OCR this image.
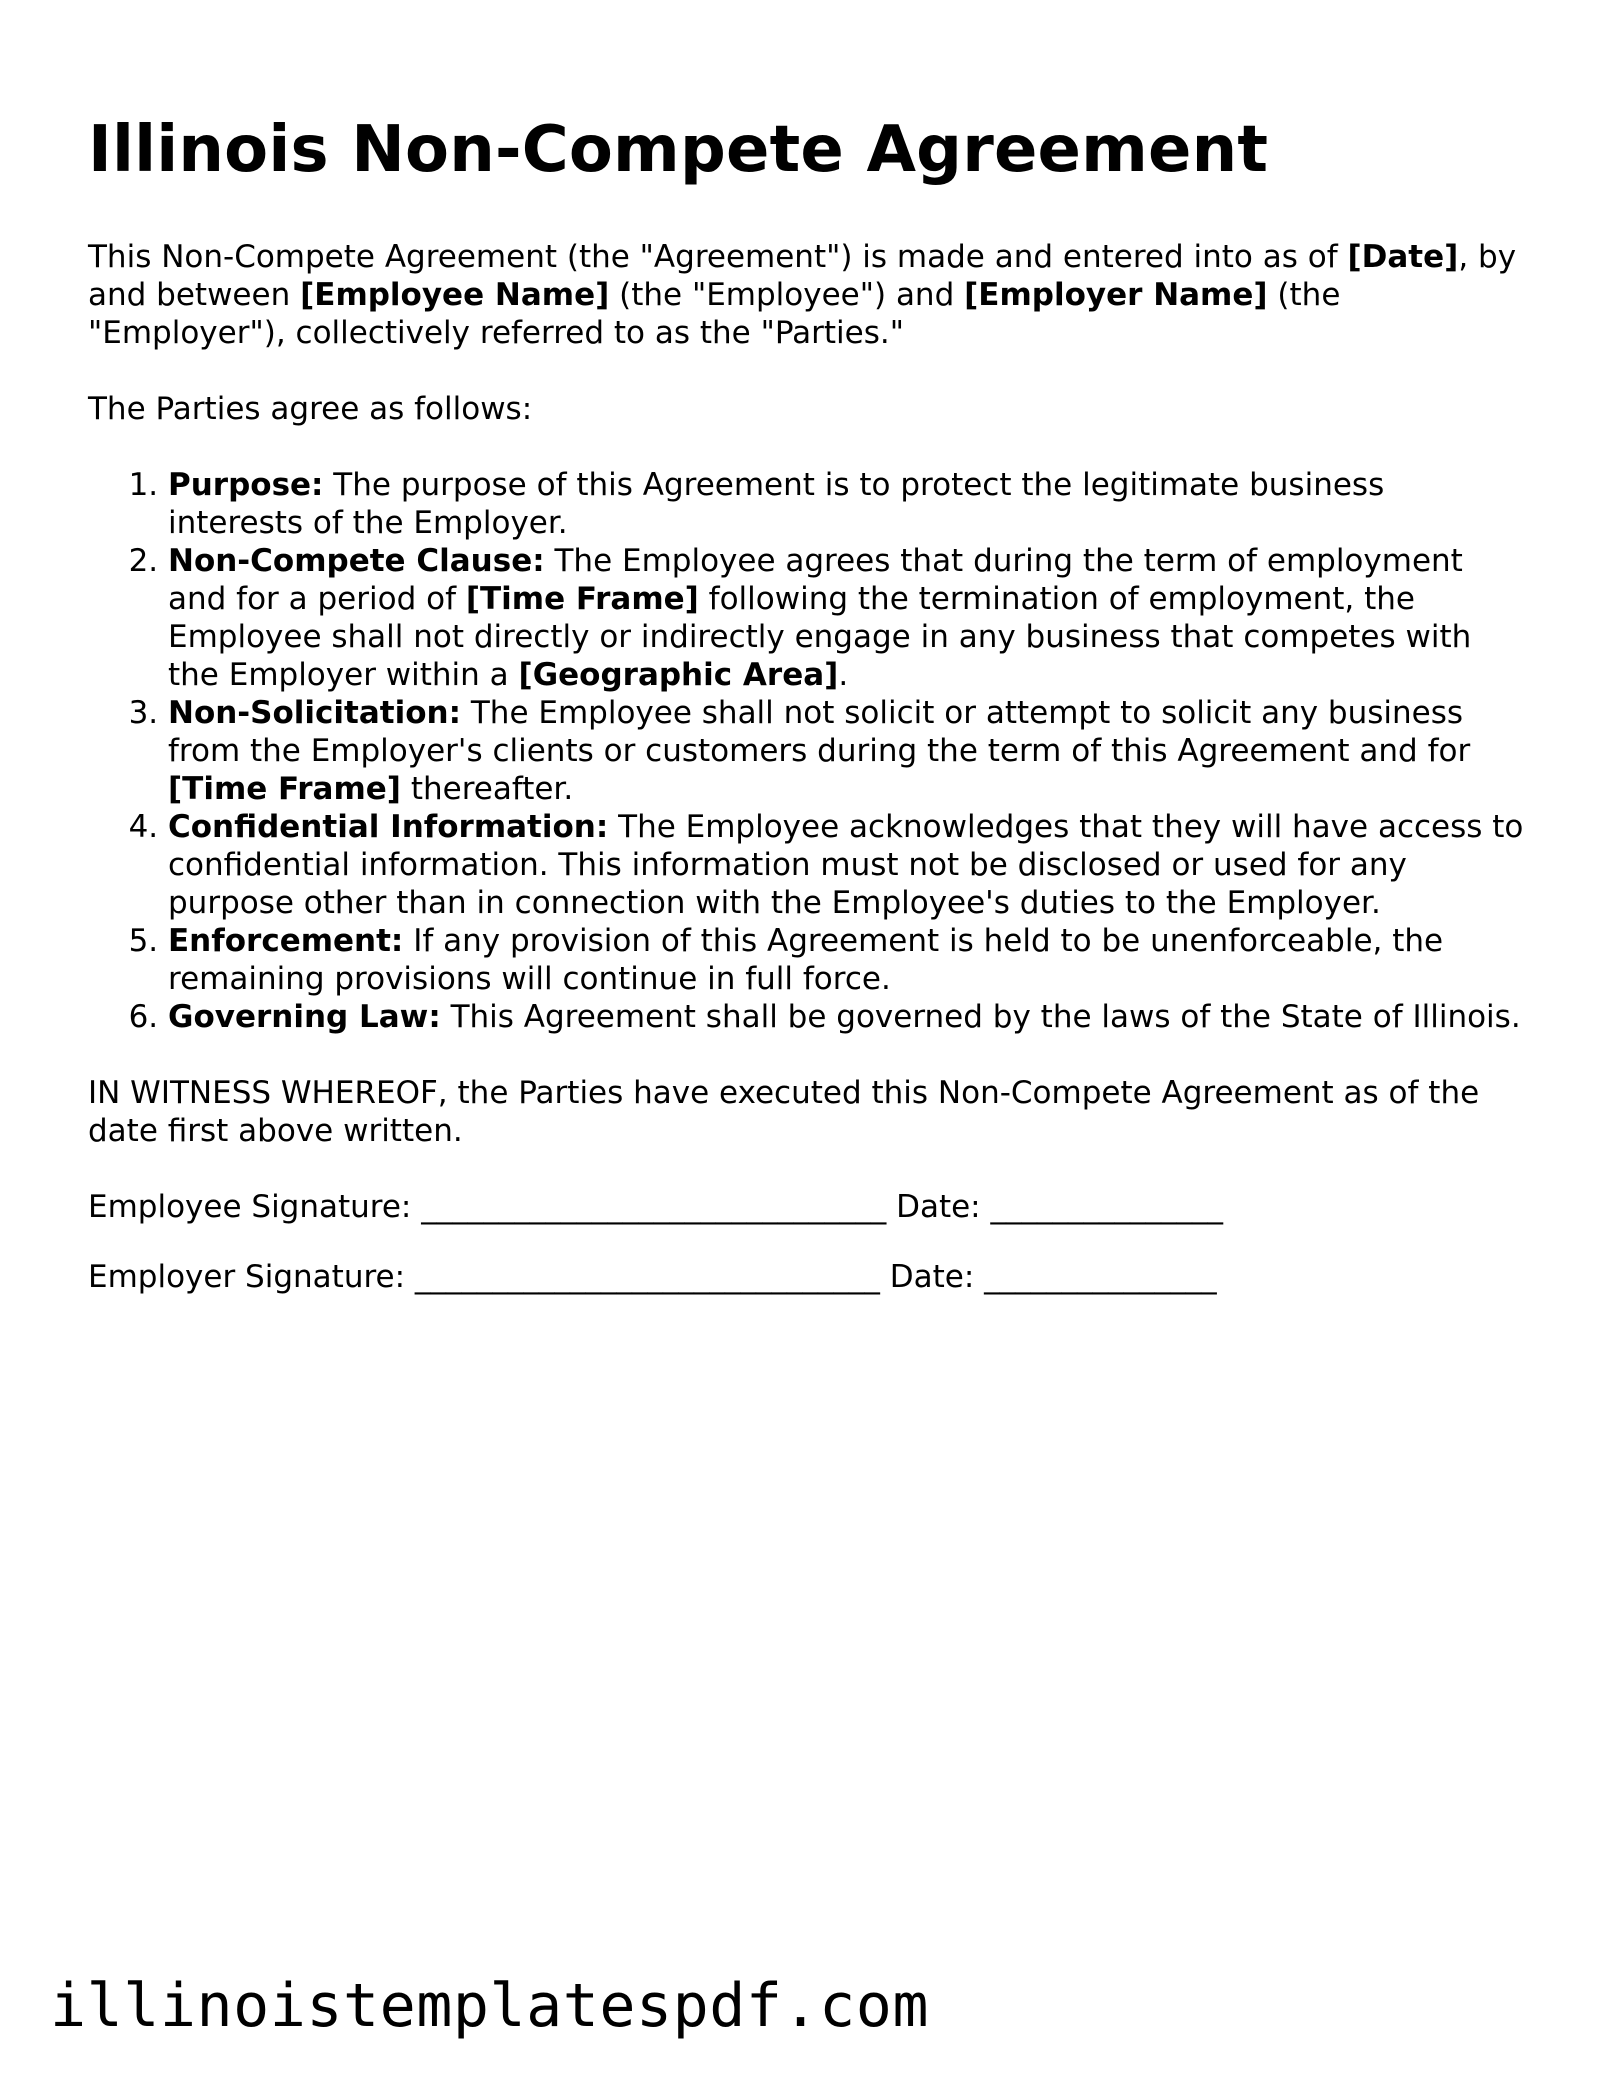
Illinois Non-Compete Agreement

This Non-Compete Agreement (the "Agreement") is made and entered into as of [Date], by and between [Employee Name] (the "Employee") and [Employer Name] (the "Employer"), collectively referred to as the "Parties."

The Parties agree as follows:

1. Purpose: The purpose of this Agreement is to protect the legitimate business interests of the Employer.
2. Non-Compete Clause: The Employee agrees that during the term of employment and for a period of [Time Frame] following the termination of employment, the Employee shall not directly or indirectly engage in any business that competes with the Employer within a [Geographic Area].
3. Non-Solicitation: The Employee shall not solicit or attempt to solicit any business from the Employer's clients or customers during the term of this Agreement and for [Time Frame] thereafter.
4. Confidential Information: The Employee acknowledges that they will have access to confidential information. This information must not be disclosed or used for any purpose other than in connection with the Employee's duties to the Employer.
5. Enforcement: If any provision of this Agreement is held to be unenforceable, the remaining provisions will continue in full force.
6. Governing Law: This Agreement shall be governed by the laws of the State of Illinois.

IN WITNESS WHEREOF, the Parties have executed this Non-Compete Agreement as of the date first above written.

Employee Signature: ______________________________ Date: _______________
Employer Signature: ______________________________ Date: _______________
illinoistemplatespdf.com
